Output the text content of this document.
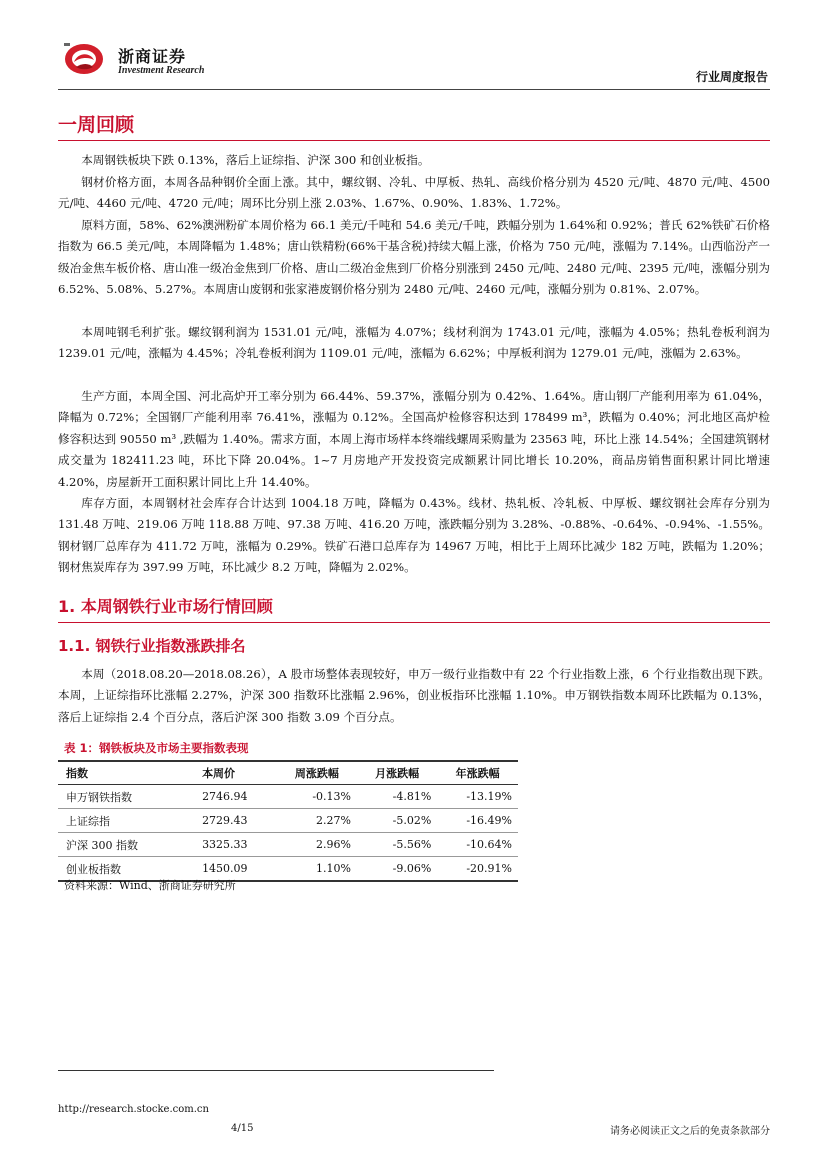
浙商证券
Investment Research	行业周度报告
一周回顾

本周钢铁板块下跌 0.13%，落后上证综指、沪深 300 和创业板指。

钢材价格方面，本周各品种钢价全面上涨。其中，螺纹钢、冷轧、中厚板、热轧、高线价格分别为 4520 元/吨、4870 元/吨、4500 元/吨、4460 元/吨、4720 元/吨；周环比分别上涨 2.03%、1.67%、0.90%、1.83%、1.72%。

原料方面，58%、62%澳洲粉矿本周价格为 66.1 美元/千吨和 54.6 美元/千吨，跌幅分别为 1.64%和 0.92%；普氏 62%铁矿石价格指数为 66.5 美元/吨，本周降幅为 1.48%；唐山铁精粉(66%干基含税)持续大幅上涨，价格为 750 元/吨，涨幅为 7.14%。山西临汾产一级冶金焦车板价格、唐山准一级冶金焦到厂价格、唐山二级冶金焦到厂价格分别涨到 2450 元/吨、2480 元/吨、2395 元/吨，涨幅分别为 6.52%、5.08%、5.27%。本周唐山废钢和张家港废钢价格分别为 2480 元/吨、2460 元/吨，涨幅分别为 0.81%、2.07%。

本周吨钢毛利扩张。螺纹钢利润为 1531.01 元/吨，涨幅为 4.07%；线材利润为 1743.01 元/吨，涨幅为 4.05%；热轧卷板利润为 1239.01 元/吨，涨幅为 4.45%；冷轧卷板利润为 1109.01 元/吨，涨幅为 6.62%；中厚板利润为 1279.01 元/吨，涨幅为 2.63%。

生产方面，本周全国、河北高炉开工率分别为 66.44%、59.37%，涨幅分别为 0.42%、1.64%。唐山钢厂产能利用率为 61.04%，降幅为 0.72%；全国钢厂产能利用率 76.41%，涨幅为 0.12%。全国高炉检修容积达到 178499 m³，跌幅为 0.40%；河北地区高炉检修容积达到 90550 m³ ,跌幅为 1.40%。需求方面，本周上海市场样本终端线螺周采购量为 23563 吨，环比上涨 14.54%；全国建筑钢材成交量为 182411.23 吨，环比下降 20.04%。1~7 月房地产开发投资完成额累计同比增长 10.20%，商品房销售面积累计同比增速 4.20%，房屋新开工面积累计同比上升 14.40%。

库存方面，本周钢材社会库存合计达到 1004.18 万吨，降幅为 0.43%。线材、热轧板、冷轧板、中厚板、螺纹钢社会库存分别为 131.48 万吨、219.06 万吨 118.88 万吨、97.38 万吨、416.20 万吨，涨跌幅分别为 3.28%、-0.88%、-0.64%、-0.94%、-1.55%。钢材钢厂总库存为 411.72 万吨，涨幅为 0.29%。铁矿石港口总库存为 14967 万吨，相比于上周环比减少 182 万吨，跌幅为 1.20%；钢材焦炭库存为 397.99 万吨，环比减少 8.2 万吨，降幅为 2.02%。

1. 本周钢铁行业市场行情回顾
1.1. 钢铁行业指数涨跌排名

本周（2018.08.20—2018.08.26），A 股市场整体表现较好，申万一级行业指数中有 22 个行业指数上涨，6 个行业指数出现下跌。本周，上证综指环比涨幅 2.27%，沪深 300 指数环比涨幅 2.96%，创业板指环比涨幅 1.10%。申万钢铁指数本周环比跌幅为 0.13%，落后上证综指 2.4 个百分点，落后沪深 300 指数 3.09 个百分点。

表 1：钢铁板块及市场主要指数表现
指数	本周价	周涨跌幅	月涨跌幅	年涨跌幅
申万钢铁指数	2746.94	-0.13%	-4.81%	-13.19%
上证综指	2729.43	2.27%	-5.02%	-16.49%
沪深 300 指数	3325.33	2.96%	-5.56%	-10.64%
创业板指数	1450.09	1.10%	-9.06%	-20.91%
资料来源：Wind、浙商证券研究所
http://research.stocke.com.cn
4/15	请务必阅读正文之后的免责条款部分
